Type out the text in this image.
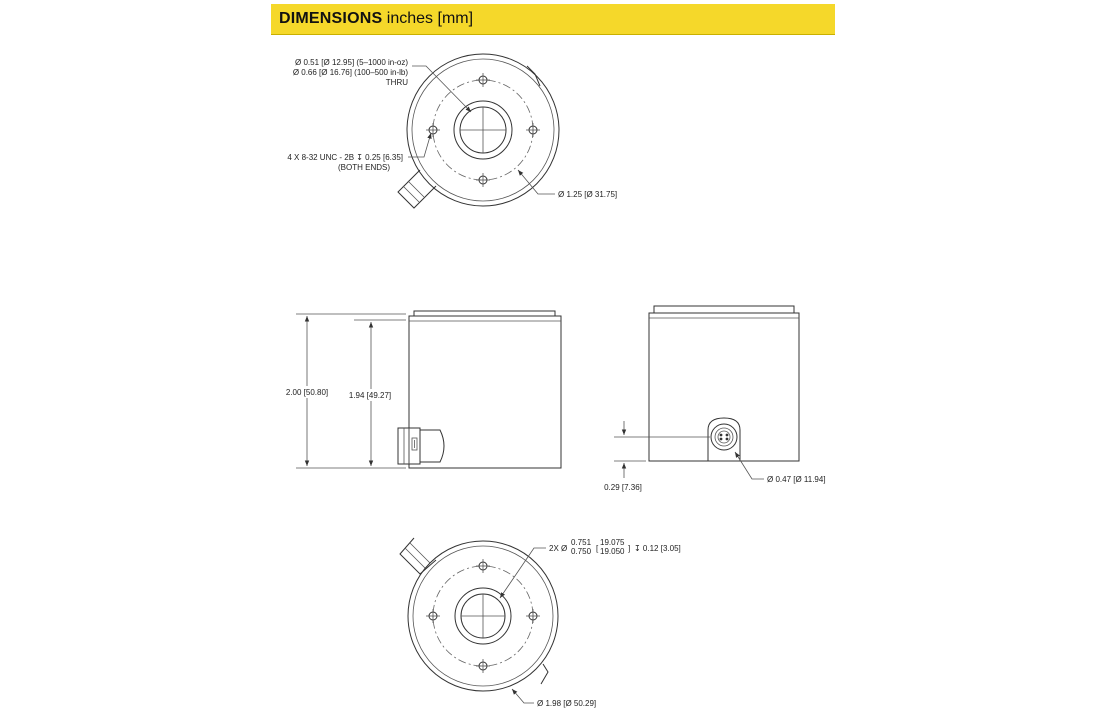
DIMENSIONS inches [mm]
Ø 0.51 [Ø 12.95] (5–1000 in-oz)
Ø 0.66 [Ø 16.76] (100–500 in-lb)
THRU
4 X 8-32 UNC - 2B ↧ 0.25 [6.35]
(BOTH ENDS)
Ø 1.25 [Ø 31.75]
2.00 [50.80]	1.94 [49.27]
0.29 [7.36]
Ø 0.47 [Ø 11.94]
2X Ø
0.751
0.750 [
19.075
19.050 ] ↧ 0.12 [3.05]
Ø 1.98 [Ø 50.29]
